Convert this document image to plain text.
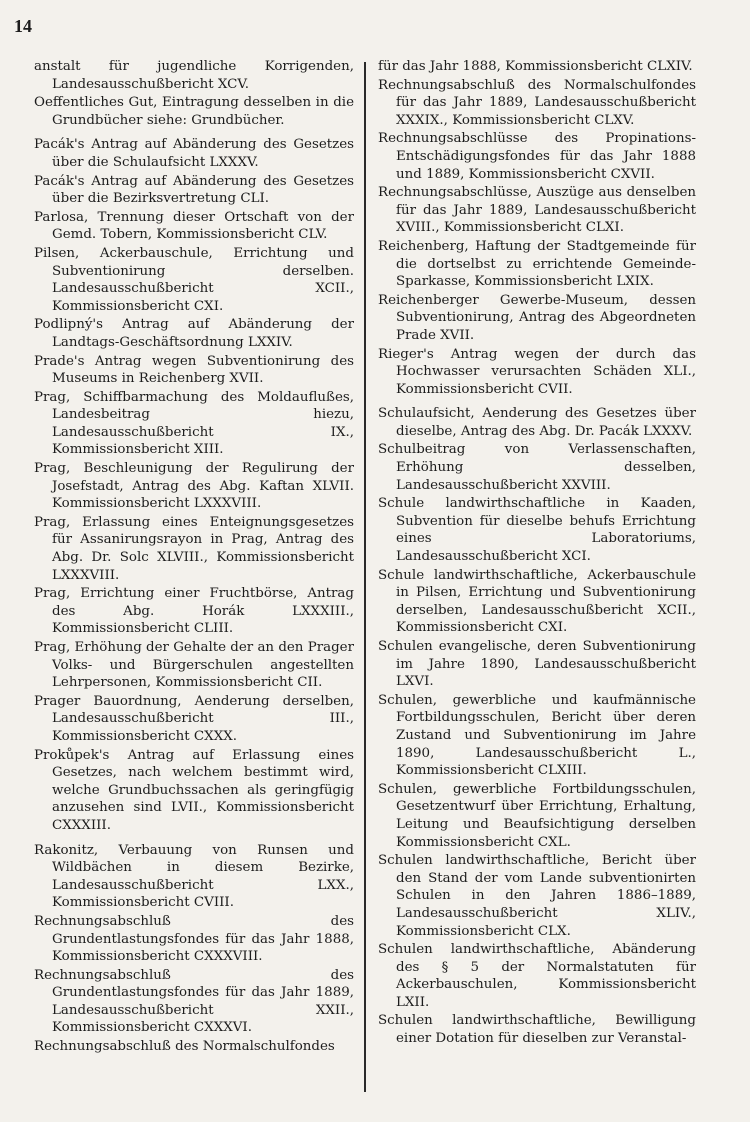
14

anstalt für jugendliche Korrigenden, Landesausschußbericht XCV.

Oeffentliches Gut, Eintragung desselben in die Grundbücher siehe: Grundbücher.

Pacák's Antrag auf Abänderung des Gesetzes über die Schulaufsicht LXXXV.

Pacák's Antrag auf Abänderung des Gesetzes über die Bezirksvertretung CLI.

Parlosa, Trennung dieser Ortschaft von der Gemd. Tobern, Kommissionsbericht CLV.

Pilsen, Ackerbauschule, Errichtung und Subventionirung derselben. Landesausschußbericht XCII., Kommissionsbericht CXI.

Podlipný's Antrag auf Abänderung der Landtags-Geschäftsordnung LXXIV.

Prade's Antrag wegen Subventionirung des Museums in Reichenberg XVII.

Prag, Schiffbarmachung des Moldauflußes, Landesbeitrag hiezu, Landesausschußbericht IX., Kommissionsbericht XIII.

Prag, Beschleunigung der Regulirung der Josefstadt, Antrag des Abg. Kaftan XLVII. Kommissionsbericht LXXXVIII.

Prag, Erlassung eines Enteignungsgesetzes für Assanirungsrayon in Prag, Antrag des Abg. Dr. Solc XLVIII., Kommissionsbericht LXXXVIII.

Prag, Errichtung einer Fruchtbörse, Antrag des Abg. Horák LXXXIII., Kommissionsbericht CLIII.

Prag, Erhöhung der Gehalte der an den Prager Volks- und Bürgerschulen angestellten Lehrpersonen, Kommissionsbericht CII.

Prager Bauordnung, Aenderung derselben, Landesausschußbericht III., Kommissionsbericht CXXX.

Prokůpek's Antrag auf Erlassung eines Gesetzes, nach welchem bestimmt wird, welche Grundbuchssachen als geringfügig anzusehen sind LVII., Kommissionsbericht CXXXIII.

Rakonitz, Verbauung von Runsen und Wildbächen in diesem Bezirke, Landesausschußbericht LXX., Kommissionsbericht CVIII.

Rechnungsabschluß des Grundentlastungsfondes für das Jahr 1888, Kommissionsbericht CXXXVIII.

Rechnungsabschluß des Grundentlastungsfondes für das Jahr 1889, Landesausschußbericht XXII., Kommissionsbericht CXXXVI.

Rechnungsabschluß des Normalschulfondes

für das Jahr 1888, Kommissionsbericht CLXIV.

Rechnungsabschluß des Normalschulfondes für das Jahr 1889, Landesausschußbericht XXXIX., Kommissionsbericht CLXV.

Rechnungsabschlüsse des Propinations-Entschädigungsfondes für das Jahr 1888 und 1889, Kommissionsbericht CXVII.

Rechnungsabschlüsse, Auszüge aus denselben für das Jahr 1889, Landesausschußbericht XVIII., Kommissionsbericht CLXI.

Reichenberg, Haftung der Stadtgemeinde für die dortselbst zu errichtende Gemeinde-Sparkasse, Kommissionsbericht LXIX.

Reichenberger Gewerbe-Museum, dessen Subventionirung, Antrag des Abgeordneten Prade XVII.

Rieger's Antrag wegen der durch das Hochwasser verursachten Schäden XLI., Kommissionsbericht CVII.

Schulaufsicht, Aenderung des Gesetzes über dieselbe, Antrag des Abg. Dr. Pacák LXXXV.

Schulbeitrag von Verlassenschaften, Erhöhung desselben, Landesausschußbericht XXVIII.

Schule landwirthschaftliche in Kaaden, Subvention für dieselbe behufs Errichtung eines Laboratoriums, Landesausschußbericht XCI.

Schule landwirthschaftliche, Ackerbauschule in Pilsen, Errichtung und Subventionirung derselben, Landesausschußbericht XCII., Kommissionsbericht CXI.

Schulen evangelische, deren Subventionirung im Jahre 1890, Landesausschußbericht LXVI.

Schulen, gewerbliche und kaufmännische Fortbildungsschulen, Bericht über deren Zustand und Subventionirung im Jahre 1890, Landesausschußbericht L., Kommissionsbericht CLXIII.

Schulen, gewerbliche Fortbildungsschulen, Gesetzentwurf über Errichtung, Erhaltung, Leitung und Beaufsichtigung derselben Kommissionsbericht CXL.

Schulen landwirthschaftliche, Bericht über den Stand der vom Lande subventionirten Schulen in den Jahren 1886–1889, Landesausschußbericht XLIV., Kommissionsbericht CLX.

Schulen landwirthschaftliche, Abänderung des § 5 der Normalstatuten für Ackerbauschulen, Kommissionsbericht LXII.

Schulen landwirthschaftliche, Bewilligung einer Dotation für dieselben zur Veranstal-
